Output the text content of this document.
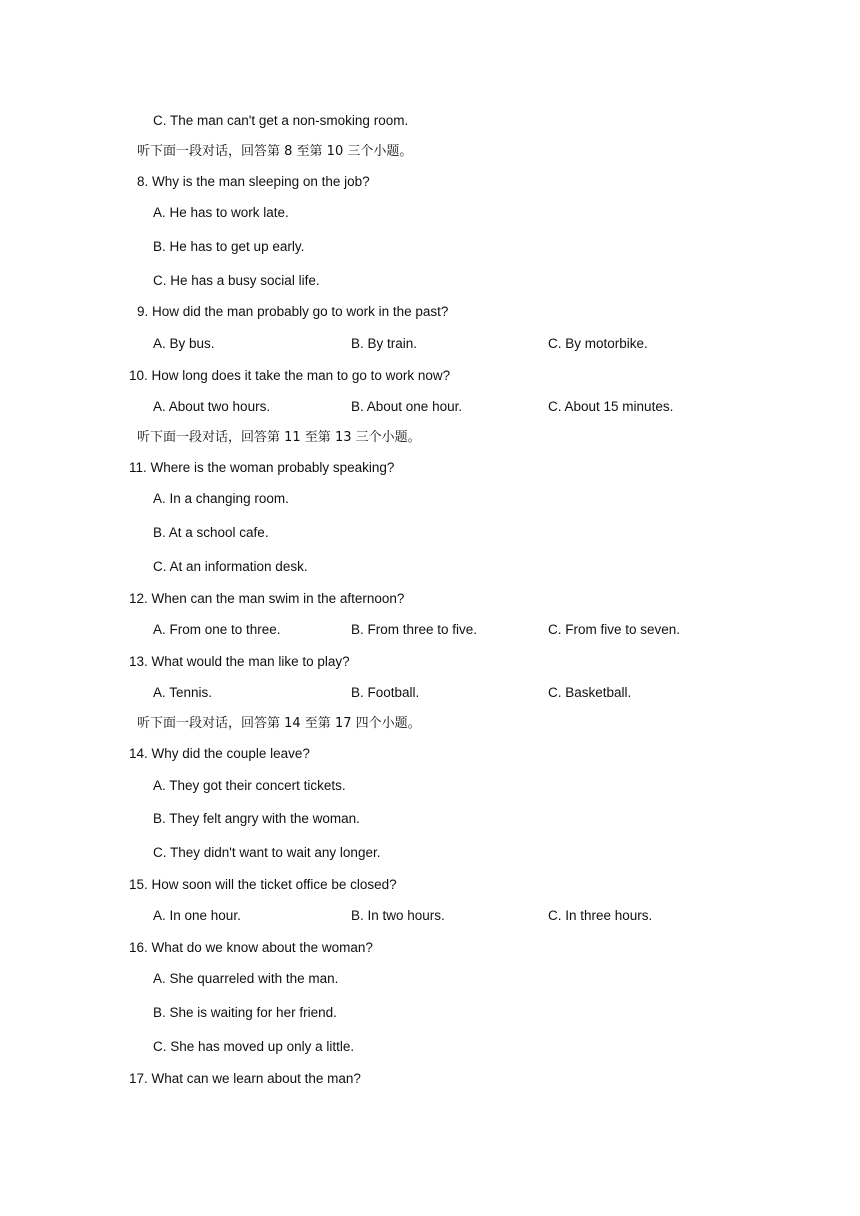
C. The man can't get a non-smoking room.
听下面一段对话，回答第 8 至第 10 三个小题。
8. Why is the man sleeping on the job?
A. He has to work late.
B. He has to get up early.
C. He has a busy social life.
9. How did the man probably go to work in the past?
A. By bus.	B. By train.	C. By motorbike.
10. How long does it take the man to go to work now?
A. About two hours.	B. About one hour.	C. About 15 minutes.
听下面一段对话，回答第 11 至第 13 三个小题。
11. Where is the woman probably speaking?
A. In a changing room.
B. At a school cafe.
C. At an information desk.
12. When can the man swim in the afternoon?
A. From one to three.	B. From three to five.	C. From five to seven.
13. What would the man like to play?
A. Tennis.	B. Football.	C. Basketball.
听下面一段对话，回答第 14 至第 17 四个小题。
14. Why did the couple leave?
A. They got their concert tickets.
B. They felt angry with the woman.
C. They didn't want to wait any longer.
15. How soon will the ticket office be closed?
A. In one hour.	B. In two hours.	C. In three hours.
16. What do we know about the woman?
A. She quarreled with the man.
B. She is waiting for her friend.
C. She has moved up only a little.
17. What can we learn about the man?
